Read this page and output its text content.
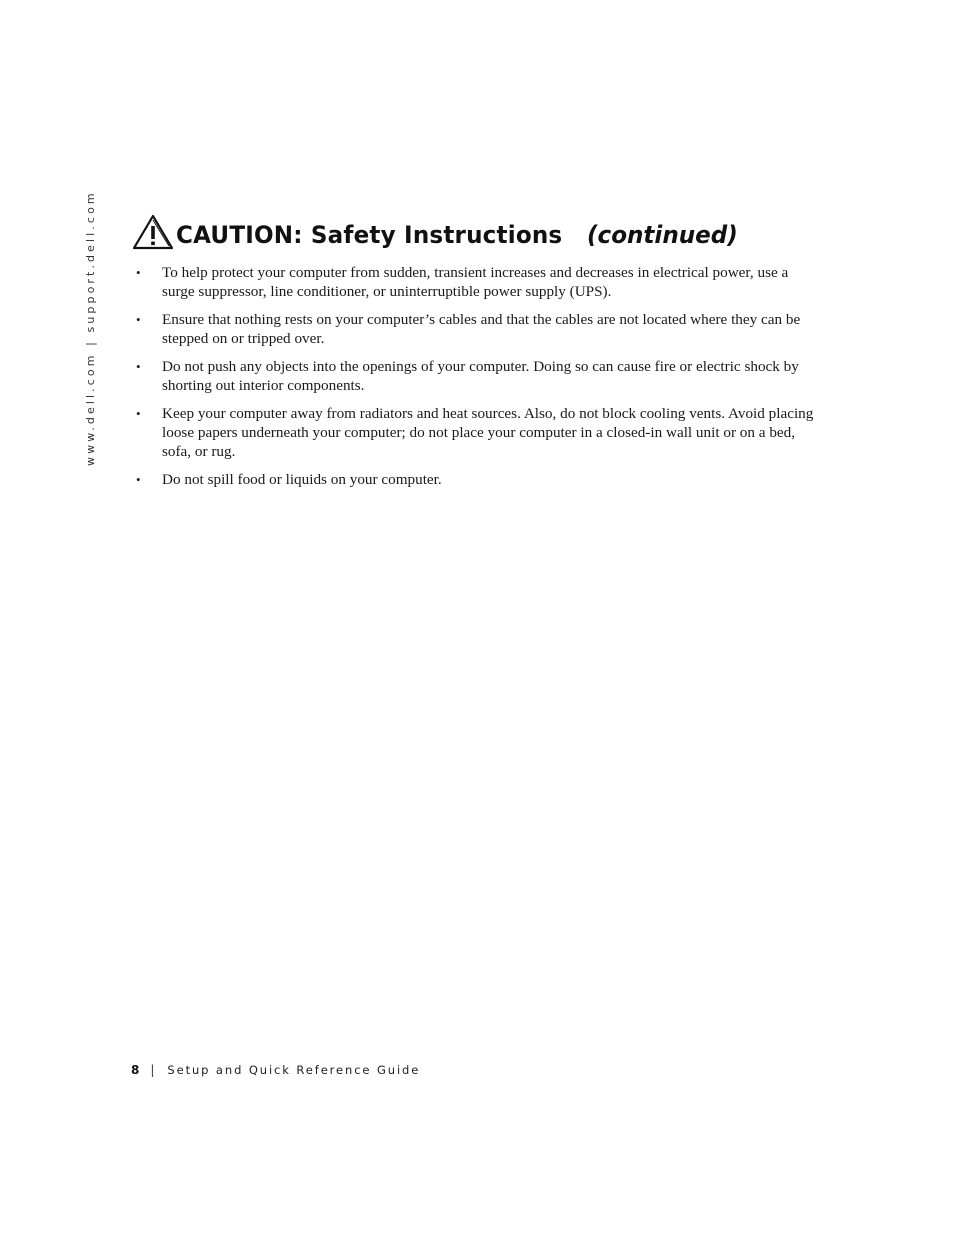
www.dell.com | support.dell.com	CAUTION: Safety Instructions (continued)
• To help protect your computer from sudden, transient increases and decreases in electrical power, use a surge suppressor, line conditioner, or uninterruptible power supply (UPS).
• Ensure that nothing rests on your computer’s cables and that the cables are not located where they can be stepped on or tripped over.
• Do not push any objects into the openings of your computer. Doing so can cause fire or electric shock by shorting out interior components.
• Keep your computer away from radiators and heat sources. Also, do not block cooling vents. Avoid placing loose papers underneath your computer; do not place your computer in a closed-in wall unit or on a bed, sofa, or rug.
• Do not spill food or liquids on your computer.
8 | Setup and Quick Reference Guide
